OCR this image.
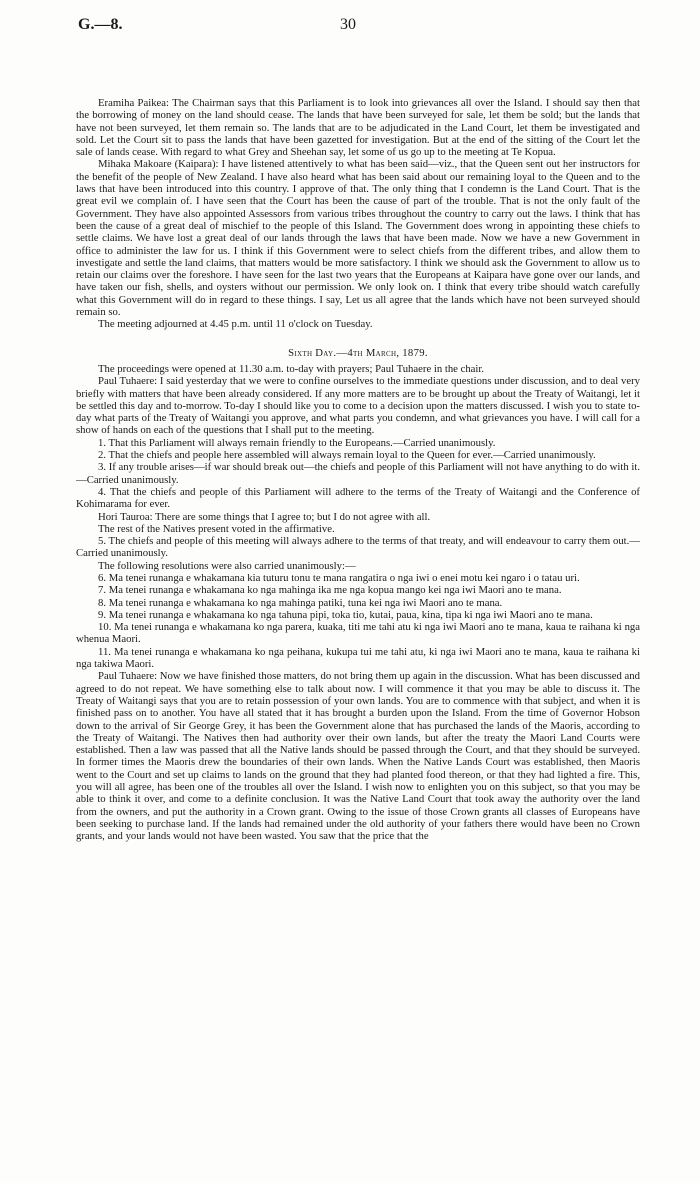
G.—8.	30

Eramiha Paikea: The Chairman says that this Parliament is to look into grievances all over the Island. I should say then that the borrowing of money on the land should cease. The lands that have been surveyed for sale, let them be sold; but the lands that have not been surveyed, let them remain so. The lands that are to be adjudicated in the Land Court, let them be investigated and sold. Let the Court sit to pass the lands that have been gazetted for investigation. But at the end of the sitting of the Court let the sale of lands cease. With regard to what Grey and Sheehan say, let some of us go up to the meeting at Te Kopua.

Mihaka Makoare (Kaipara): I have listened attentively to what has been said—viz., that the Queen sent out her instructors for the benefit of the people of New Zealand. I have also heard what has been said about our remaining loyal to the Queen and to the laws that have been introduced into this country. I approve of that. The only thing that I condemn is the Land Court. That is the great evil we complain of. I have seen that the Court has been the cause of part of the trouble. That is not the only fault of the Government. They have also appointed Assessors from various tribes throughout the country to carry out the laws. I think that has been the cause of a great deal of mischief to the people of this Island. The Government does wrong in appointing these chiefs to settle claims. We have lost a great deal of our lands through the laws that have been made. Now we have a new Government in office to administer the law for us. I think if this Government were to select chiefs from the different tribes, and allow them to investigate and settle the land claims, that matters would be more satisfactory. I think we should ask the Government to allow us to retain our claims over the foreshore. I have seen for the last two years that the Europeans at Kaipara have gone over our lands, and have taken our fish, shells, and oysters without our permission. We only look on. I think that every tribe should watch carefully what this Government will do in regard to these things. I say, Let us all agree that the lands which have not been surveyed should remain so.

The meeting adjourned at 4.45 p.m. until 11 o'clock on Tuesday.

Sixth Day.—4th March, 1879.

The proceedings were opened at 11.30 a.m. to-day with prayers; Paul Tuhaere in the chair.

Paul Tuhaere: I said yesterday that we were to confine ourselves to the immediate questions under discussion, and to deal very briefly with matters that have been already considered. If any more matters are to be brought up about the Treaty of Waitangi, let it be settled this day and to-morrow. To-day I should like you to come to a decision upon the matters discussed. I wish you to state to-day what parts of the Treaty of Waitangi you approve, and what parts you condemn, and what grievances you have. I will call for a show of hands on each of the questions that I shall put to the meeting.

1. That this Parliament will always remain friendly to the Europeans.—Carried unanimously.

2. That the chiefs and people here assembled will always remain loyal to the Queen for ever.—Carried unanimously.

3. If any trouble arises—if war should break out—the chiefs and people of this Parliament will not have anything to do with it.—Carried unanimously.

4. That the chiefs and people of this Parliament will adhere to the terms of the Treaty of Waitangi and the Conference of Kohimarama for ever.

Hori Tauroa: There are some things that I agree to; but I do not agree with all.

The rest of the Natives present voted in the affirmative.

5. The chiefs and people of this meeting will always adhere to the terms of that treaty, and will endeavour to carry them out.—Carried unanimously.

The following resolutions were also carried unanimously:—

6. Ma tenei runanga e whakamana kia tuturu tonu te mana rangatira o nga iwi o enei motu kei ngaro i o tatau uri.

7. Ma tenei runanga e whakamana ko nga mahinga ika me nga kopua mango kei nga iwi Maori ano te mana.

8. Ma tenei runanga e whakamana ko nga mahinga patiki, tuna kei nga iwi Maori ano te mana.

9. Ma tenei runanga e whakamana ko nga tahuna pipi, toka tio, kutai, paua, kina, tipa ki nga iwi Maori ano te mana.

10. Ma tenei runanga e whakamana ko nga parera, kuaka, titi me tahi atu ki nga iwi Maori ano te mana, kaua te raihana ki nga whenua Maori.

11. Ma tenei runanga e whakamana ko nga peihana, kukupa tui me tahi atu, ki nga iwi Maori ano te mana, kaua te raihana ki nga takiwa Maori.

Paul Tuhaere: Now we have finished those matters, do not bring them up again in the discussion. What has been discussed and agreed to do not repeat. We have something else to talk about now. I will commence it that you may be able to discuss it. The Treaty of Waitangi says that you are to retain possession of your own lands. You are to commence with that subject, and when it is finished pass on to another. You have all stated that it has brought a burden upon the Island. From the time of Governor Hobson down to the arrival of Sir George Grey, it has been the Government alone that has purchased the lands of the Maoris, according to the Treaty of Waitangi. The Natives then had authority over their own lands, but after the treaty the Maori Land Courts were established. Then a law was passed that all the Native lands should be passed through the Court, and that they should be surveyed. In former times the Maoris drew the boundaries of their own lands. When the Native Lands Court was established, then Maoris went to the Court and set up claims to lands on the ground that they had planted food thereon, or that they had lighted a fire. This, you will all agree, has been one of the troubles all over the Island. I wish now to enlighten you on this subject, so that you may be able to think it over, and come to a definite conclusion. It was the Native Land Court that took away the authority over the land from the owners, and put the authority in a Crown grant. Owing to the issue of those Crown grants all classes of Europeans have been seeking to purchase land. If the lands had remained under the old authority of your fathers there would have been no Crown grants, and your lands would not have been wasted. You saw that the price that the
